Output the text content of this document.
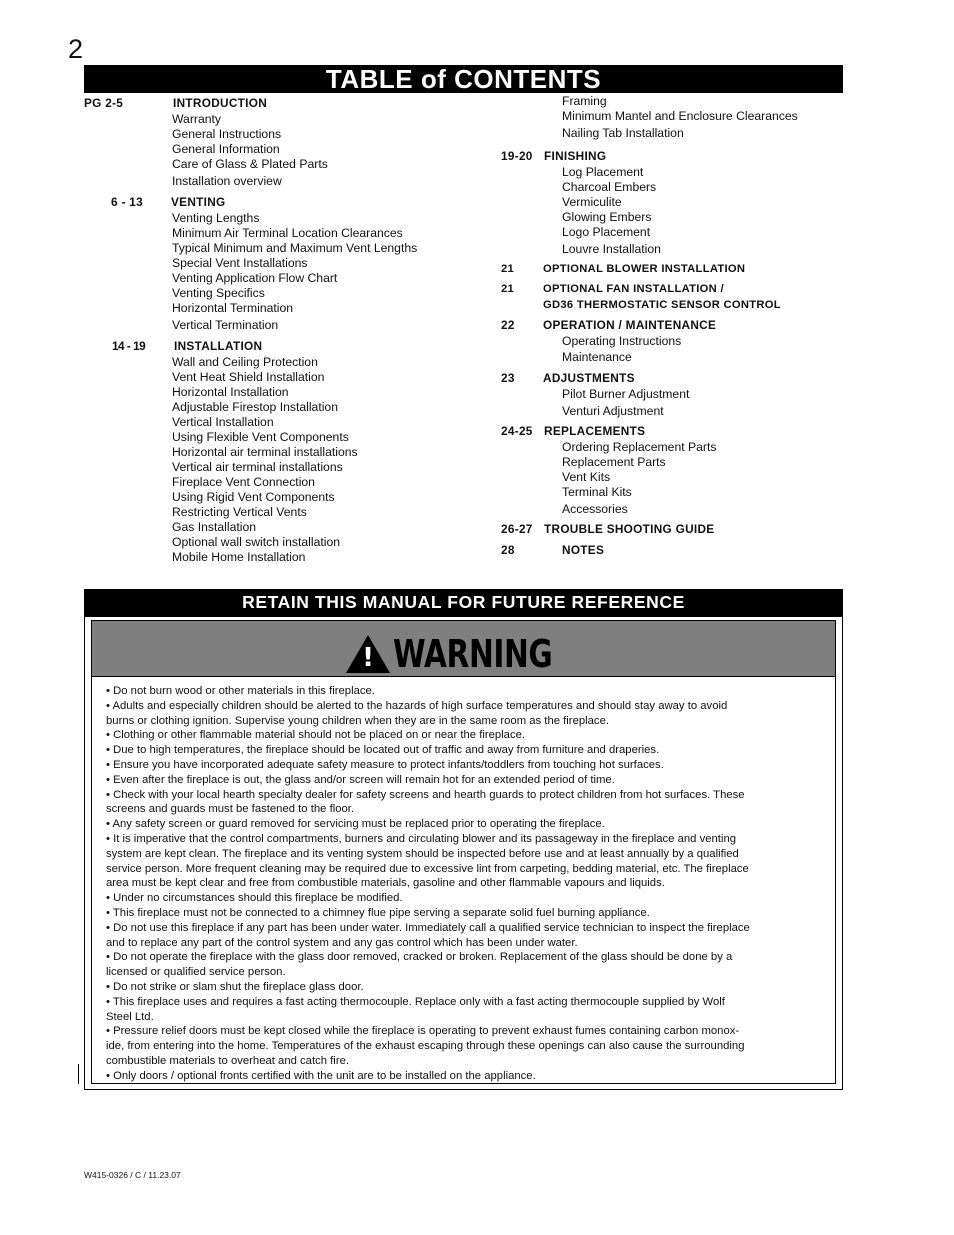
2
TABLE of CONTENTS
PG 2-5	INTRODUCTION
Warranty
General Instructions
General Information
Care of Glass & Plated Parts
Installation overview
6 - 13 VENTING
Venting Lengths
Minimum Air Terminal Location Clearances
Typical Minimum and Maximum Vent Lengths
Special Vent Installations
Venting Application Flow Chart
Venting Specifics
Horizontal Termination
Vertical Termination
14 - 19 INSTALLATION
Wall and Ceiling Protection
Vent Heat Shield Installation
Horizontal Installation
Adjustable Firestop Installation
Vertical Installation
Using Flexible Vent Components
Horizontal air terminal installations
Vertical air terminal installations
Fireplace Vent Connection
Using Rigid Vent Components
Restricting Vertical Vents
Gas Installation
Optional wall switch installation
Mobile Home Installation
Framing
Minimum Mantel and Enclosure Clearances
Nailing Tab Installation
19-20 FINISHING
Log Placement
Charcoal Embers
Vermiculite
Glowing Embers
Logo Placement
Louvre Installation
21	OPTIONAL BLOWER INSTALLATION
21	OPTIONAL FAN INSTALLATION /
GD36 THERMOSTATIC SENSOR CONTROL
22 OPERATION / MAINTENANCE
Operating Instructions
Maintenance
23 ADJUSTMENTS
Pilot Burner Adjustment
Venturi Adjustment
24-25 REPLACEMENTS
Ordering Replacement Parts
Replacement Parts
Vent Kits
Terminal Kits
Accessories
26-27 TROUBLE SHOOTING GUIDE
28	NOTES
RETAIN THIS MANUAL FOR FUTURE REFERENCE
! WARNING

• Do not burn wood or other materials in this fireplace.

• Adults and especially children should be alerted to the hazards of high surface temperatures and should stay away to avoid

burns or clothing ignition. Supervise young children when they are in the same room as the fireplace.

• Clothing or other flammable material should not be placed on or near the fireplace.

• Due to high temperatures, the fireplace should be located out of traffic and away from furniture and draperies.

• Ensure you have incorporated adequate safety measure to protect infants/toddlers from touching hot surfaces.

• Even after the fireplace is out, the glass and/or screen will remain hot for an extended period of time.

• Check with your local hearth specialty dealer for safety screens and hearth guards to protect children from hot surfaces. These

screens and guards must be fastened to the floor.

• Any safety screen or guard removed for servicing must be replaced prior to operating the fireplace.

• It is imperative that the control compartments, burners and circulating blower and its passageway in the fireplace and venting

system are kept clean. The fireplace and its venting system should be inspected before use and at least annually by a qualified

service person. More frequent cleaning may be required due to excessive lint from carpeting, bedding material, etc. The fireplace

area must be kept clear and free from combustible materials, gasoline and other flammable vapours and liquids.

• Under no circumstances should this fireplace be modified.

• This fireplace must not be connected to a chimney flue pipe serving a separate solid fuel burning appliance.

• Do not use this fireplace if any part has been under water. Immediately call a qualified service technician to inspect the fireplace

and to replace any part of the control system and any gas control which has been under water.

• Do not operate the fireplace with the glass door removed, cracked or broken. Replacement of the glass should be done by a

licensed or qualified service person.

• Do not strike or slam shut the fireplace glass door.

• This fireplace uses and requires a fast acting thermocouple. Replace only with a fast acting thermocouple supplied by Wolf

Steel Ltd.

• Pressure relief doors must be kept closed while the fireplace is operating to prevent exhaust fumes containing carbon monox-

ide, from entering into the home. Temperatures of the exhaust escaping through these openings can also cause the surrounding

combustible materials to overheat and catch fire.

• Only doors / optional fronts certified with the unit are to be installed on the appliance.

W415-0326 / C / 11.23.07
